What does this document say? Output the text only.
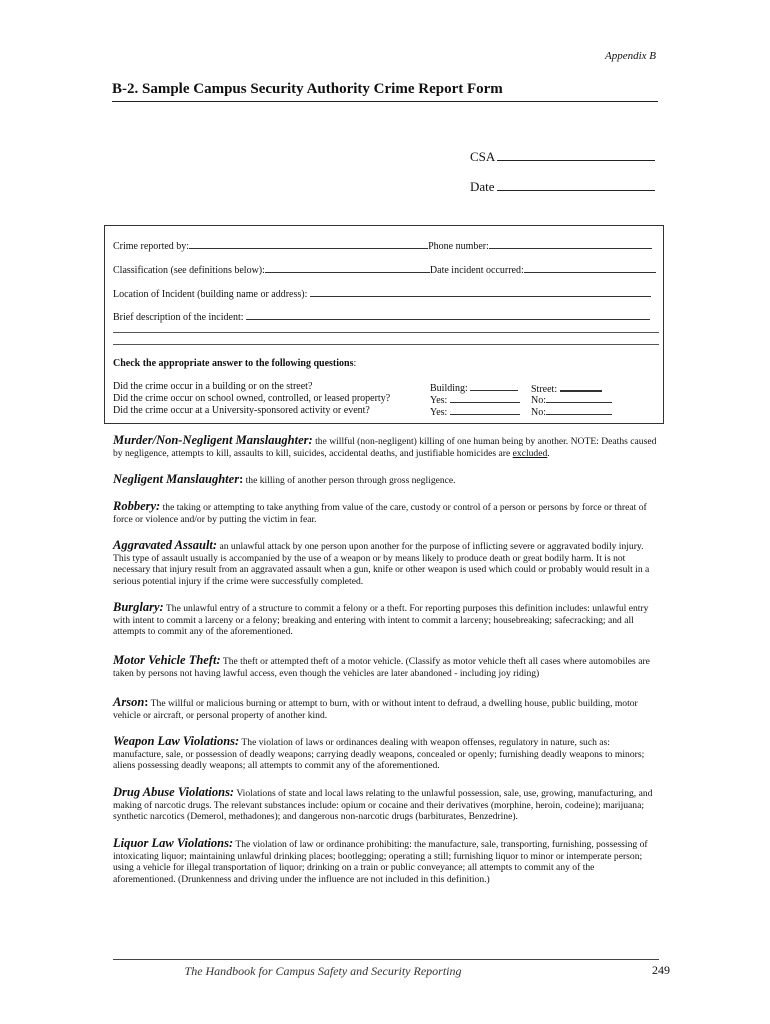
Appendix B
B-2. Sample Campus Security Authority Crime Report Form
CSA
Date
Crime reported by:	Phone number:
Classification (see definitions below):	Date incident occurred:
Location of Incident (building name or address):
Brief description of the incident:
Check the appropriate answer to the following questions:
Did the crime occur in a building or on the street?	Building:	Street:
Did the crime occur on school owned, controlled, or leased property?	Yes:	No:
Did the crime occur at a University-sponsored activity or event?	Yes:	No:
Murder/Non-Negligent Manslaughter: the willful (non-negligent) killing of one human being by another. NOTE: Deaths caused by negligence, attempts to kill, assaults to kill, suicides, accidental deaths, and justifiable homicides are excluded.
Negligent Manslaughter: the killing of another person through gross negligence.
Robbery: the taking or attempting to take anything from value of the care, custody or control of a person or persons by force or threat of force or violence and/or by putting the victim in fear.
Aggravated Assault: an unlawful attack by one person upon another for the purpose of inflicting severe or aggravated bodily injury. This type of assault usually is accompanied by the use of a weapon or by means likely to produce death or great bodily harm. It is not necessary that injury result from an aggravated assault when a gun, knife or other weapon is used which could or probably would result in a serious potential injury if the crime were successfully completed.
Burglary: The unlawful entry of a structure to commit a felony or a theft. For reporting purposes this definition includes: unlawful entry with intent to commit a larceny or a felony; breaking and entering with intent to commit a larceny; housebreaking; safecracking; and all attempts to commit any of the aforementioned.
Motor Vehicle Theft: The theft or attempted theft of a motor vehicle. (Classify as motor vehicle theft all cases where automobiles are taken by persons not having lawful access, even though the vehicles are later abandoned - including joy riding)
Arson: The willful or malicious burning or attempt to burn, with or without intent to defraud, a dwelling house, public building, motor vehicle or aircraft, or personal property of another kind.
Weapon Law Violations: The violation of laws or ordinances dealing with weapon offenses, regulatory in nature, such as: manufacture, sale, or possession of deadly weapons; carrying deadly weapons, concealed or openly; furnishing deadly weapons to minors; aliens possessing deadly weapons; all attempts to commit any of the aforementioned.
Drug Abuse Violations: Violations of state and local laws relating to the unlawful possession, sale, use, growing, manufacturing, and making of narcotic drugs. The relevant substances include: opium or cocaine and their derivatives (morphine, heroin, codeine); marijuana; synthetic narcotics (Demerol, methadones); and dangerous non-narcotic drugs (barbiturates, Benzedrine).
Liquor Law Violations: The violation of law or ordinance prohibiting: the manufacture, sale, transporting, furnishing, possessing of intoxicating liquor; maintaining unlawful drinking places; bootlegging; operating a still; furnishing liquor to minor or intemperate person; using a vehicle for illegal transportation of liquor; drinking on a train or public conveyance; all attempts to commit any of the aforementioned. (Drunkenness and driving under the influence are not included in this definition.)
The Handbook for Campus Safety and Security Reporting	249
